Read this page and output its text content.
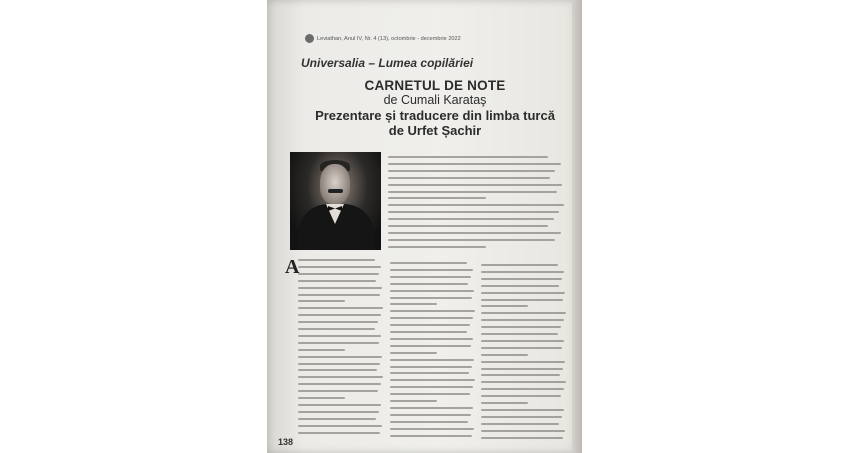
Leviathan, Anul IV, Nr. 4 (13), octombrie - decembrie 2022
Universalia – Lumea copilăriei
CARNETUL DE NOTE
de Cumali Karataş
Prezentare și traducere din limba turcă
de Urfet Șachir
A
138
